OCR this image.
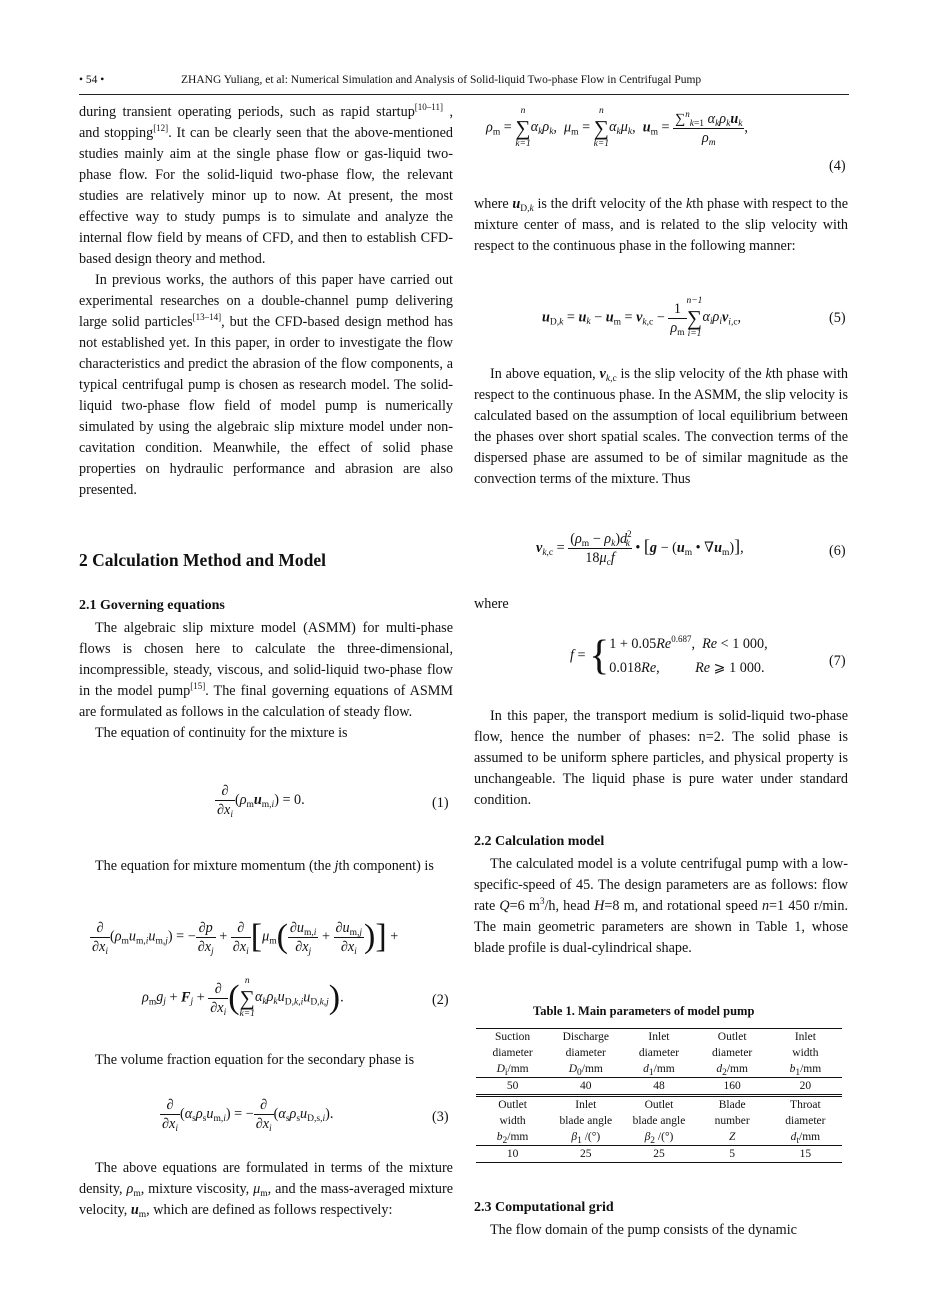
• 54 •	ZHANG Yuliang, et al: Numerical Simulation and Analysis of Solid-liquid Two-phase Flow in Centrifugal Pump

during transient operating periods, such as rapid startup[10–11] , and stopping[12]. It can be clearly seen that the above-mentioned studies mainly aim at the single phase flow or gas-liquid two-phase flow. For the solid-liquid two-phase flow, the relevant studies are relatively minor up to now. At present, the most effective way to study pumps is to simulate and analyze the internal flow field by means of CFD, and then to establish CFD-based design theory and method.

In previous works, the authors of this paper have carried out experimental researches on a double-channel pump delivering large solid particles[13–14], but the CFD-based design method has not established yet. In this paper, in order to investigate the flow characteristics and predict the abrasion of the flow components, a typical centrifugal pump is chosen as research model. The solid-liquid two-phase flow field of model pump is numerically simulated by using the algebraic slip mixture model under non-cavitation condition. Meanwhile, the effect of solid phase properties on hydraulic performance and abrasion are also presented.

2 Calculation Method and Model
2.1 Governing equations

The algebraic slip mixture model (ASMM) for multi-phase flows is chosen here to calculate the three-dimensional, incompressible, steady, viscous, and solid-liquid two-phase flow in the model pump[15]. The final governing equations of ASMM are formulated as follows in the calculation of steady flow.

The equation of continuity for the mixture is

$\frac{\partial}{\partial x_i} (\rho_mu_{m,i}) = 0$.	(1)

The equation for mixture momentum (the jth component) is

$\frac{\partial}{\partial x_i} (\rho_mu_{m,i}u_{m,j})$ = − $\frac{\partial p}{\partial x_j} + \frac{\partial}{\partial x_i} [\mu_m( \frac{\partial u_{m,i}}{\partial x_j} + \frac{\partial u_{m,j}}{\partial x_i}$ )] +
$\rho_mg_j + F_j + \frac{\partial}{\partial x_i}$ ( n
∑
k=1
$\alpha_k\rho_ku_{D,k,i}u_{D,k,j}$).	(2)

The volume fraction equation for the secondary phase is

$\frac{\partial}{\partial x_i} (\alpha_s\rho_su_{m,i})$ = − $\frac{\partial}{\partial x_i} (\alpha_s\rho_su_{D,s,i})$.	(3)

The above equations are formulated in terms of the mixture density, $\rho_m$, mixture viscosity, $\mu_m$, and the mass-averaged mixture velocity, $u_m$, which are defined as follows respectively:

$\rho_m$ =
n
∑
k=1
$\alpha_k\rho_k$,  $\mu_m$ =
n
∑
k=1
$\alpha_k\mu_k$,  $u_m = \frac{\sum^n_{k=1} \alpha_k\rho_ku_k}{\rho_m}$ ,
(4)

where $u_{D,k}$ is the drift velocity of the kth phase with respect to the mixture center of mass, and is related to the slip velocity with respect to the continuous phase in the following manner:

$u_{D,k} = u_k - u_m = v_{k,c} - \frac{1}{\rho_m} n-1$
∑
i=1
$\alpha_i\rho_iv_{i,c}$,	(5)

In above equation, $v_{k,c}$ is the slip velocity of the kth phase with respect to the continuous phase. In the ASMM, the slip velocity is calculated based on the assumption of local equilibrium between the phases over short spatial scales. The convection terms of the dispersed phase are assumed to be of similar magnitude as the convection terms of the mixture. Thus

$v_{k,c} = \frac{(\rho_m - \rho_k)d^2_k}{18\mu_cf}$ • [$g - (u_m$ • $\nabla u_m$)],	(6)
where
$f = \{1 + 0.05Re^{0.687}$,  Re < 1 000,
0.018Re,          Re ⩾ 1 000.	(7)

In this paper, the transport medium is solid-liquid two-phase flow, hence the number of phases: n=2. The solid phase is assumed to be uniform sphere particles, and physical property is unchangeable. The liquid phase is pure water under standard condition.

2.2 Calculation model

The calculated model is a volute centrifugal pump with a low-specific-speed of 45. The design parameters are as follows: flow rate Q=6 $m^3/h$, head H=8 m, and rotational speed n=1 450 r/min. The main geometric parameters are shown in Table 1, whose blade profile is dual-cylindrical shape.

Table 1. Main parameters of model pump
Suction	Discharge	Inlet	Outlet	Inlet
diameter	diameter	diameter	diameter	width
$D_i/mm$	$D_0/mm$	$d_1/mm$	$d_2/mm$	$b_1/mm$
50	40	48	160	20
Outlet	Inlet	Outlet	Blade	Throat
width	blade angle	blade angle	number	diameter
$b_2/mm$	$\beta_1$ /(°)	$\beta_2$ /(°)	Z	$d_t/mm$
10	25	25	5	15
2.3 Computational grid

The flow domain of the pump consists of the dynamic
